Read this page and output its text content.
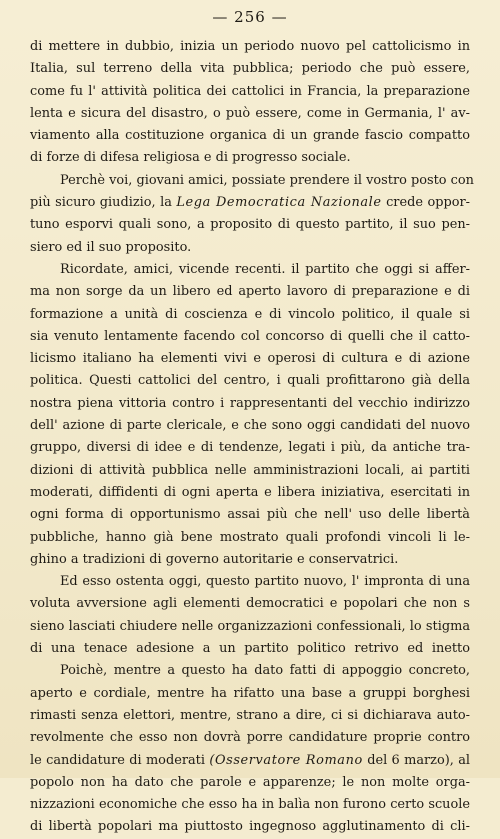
— 256 —
di mettere in dubbio, inizia un periodo nuovo pel cattolicismo in
Italia, sul terreno della vita pubblica; periodo che può essere,
come fu l' attività politica dei cattolici in Francia, la preparazione
lenta e sicura del disastro, o può essere, come in Germania, l' av-
viamento alla costituzione organica di un grande fascio compatto
di forze di difesa religiosa e di progresso sociale.
Perchè voi, giovani amici, possiate prendere il vostro posto con
più sicuro giudizio, la Lega Democratica Nazionale crede oppor-
tuno esporvi quali sono, a proposito di questo partito, il suo pen-
siero ed il suo proposito.
Ricordate, amici, vicende recenti. il partito che oggi si affer-
ma non sorge da un libero ed aperto lavoro di preparazione e di
formazione a unità di coscienza e di vincolo politico, il quale si
sia venuto lentamente facendo col concorso di quelli che il catto-
licismo italiano ha elementi vivi e operosi di cultura e di azione
politica. Questi cattolici del centro, i quali profittarono già della
nostra piena vittoria contro i rappresentanti del vecchio indirizzo
dell' azione di parte clericale, e che sono oggi candidati del nuovo
gruppo, diversi di idee e di tendenze, legati i più, da antiche tra-
dizioni di attività pubblica nelle amministrazioni locali, ai partiti
moderati, diffidenti di ogni aperta e libera iniziativa, esercitati in
ogni forma di opportunismo assai più che nell' uso delle libertà
pubbliche, hanno già bene mostrato quali profondi vincoli li le-
ghino a tradizioni di governo autoritarie e conservatrici.
Ed esso ostenta oggi, questo partito nuovo, l' impronta di una
voluta avversione agli elementi democratici e popolari che non s
sieno lasciati chiudere nelle organizzazioni confessionali, lo stigma
di una tenace adesione a un partito politico retrivo ed inetto
Poichè, mentre a questo ha dato fatti di appoggio concreto,
aperto e cordiale, mentre ha rifatto una base a gruppi borghesi
rimasti senza elettori, mentre, strano a dire, ci si dichiarava auto-
revolmente che esso non dovrà porre candidature proprie contro
le candidature di moderati (Osservatore Romano del 6 marzo), al
popolo non ha dato che parole e apparenze; le non molte orga-
nizzazioni economiche che esso ha in balìa non furono certo scuole
di libertà popolari ma piuttosto ingegnoso agglutinamento di cli-
